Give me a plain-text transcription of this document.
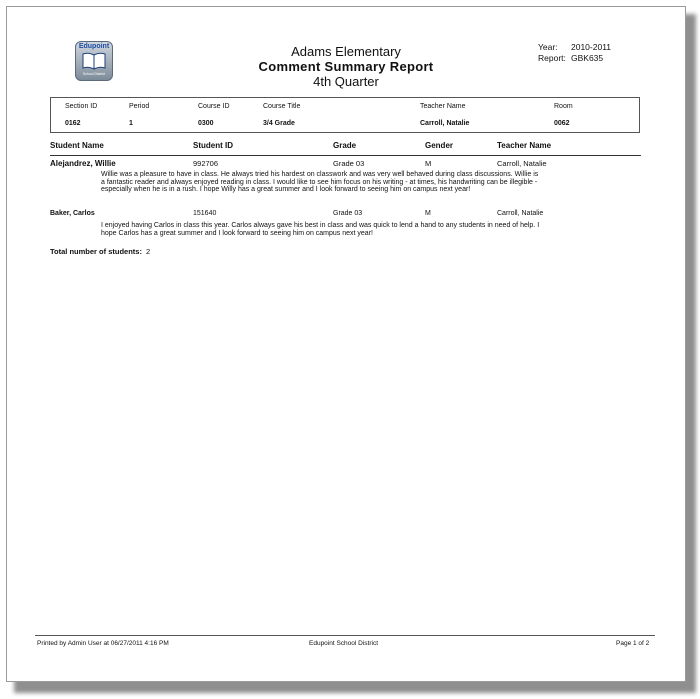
Edupoint
School District
Adams Elementary
Comment Summary Report
4th Quarter
Year: 2010-2011
Report: GBK635
Section ID	Period	Course ID	Course Title	Teacher Name	Room
0162	1	0300	3/4 Grade	Carroll, Natalie	0062
Student Name	Student ID	Grade	Gender	Teacher Name
Alejandrez, Willie	992706	Grade 03	M	Carroll, Natalie
Willie was a pleasure to have in class. He always tried his hardest on classwork and was very well behaved during class discussions. Willie is a fantastic reader and always enjoyed reading in class. I would like to see him focus on his writing - at times, his handwriting can be illegible - especially when he is in a rush. I hope Willy has a great summer and I look forward to seeing him on campus next year!
Baker, Carlos	151640	Grade 03	M	Carroll, Natalie
I enjoyed having Carlos in class this year. Carlos always gave his best in class and was quick to lend a hand to any students in need of help. I hope Carlos has a great summer and I look forward to seeing him on campus next year!
Total number of students: 2
Printed by Admin User at 06/27/2011 4:16 PM	Edupoint School District	Page 1 of 2
